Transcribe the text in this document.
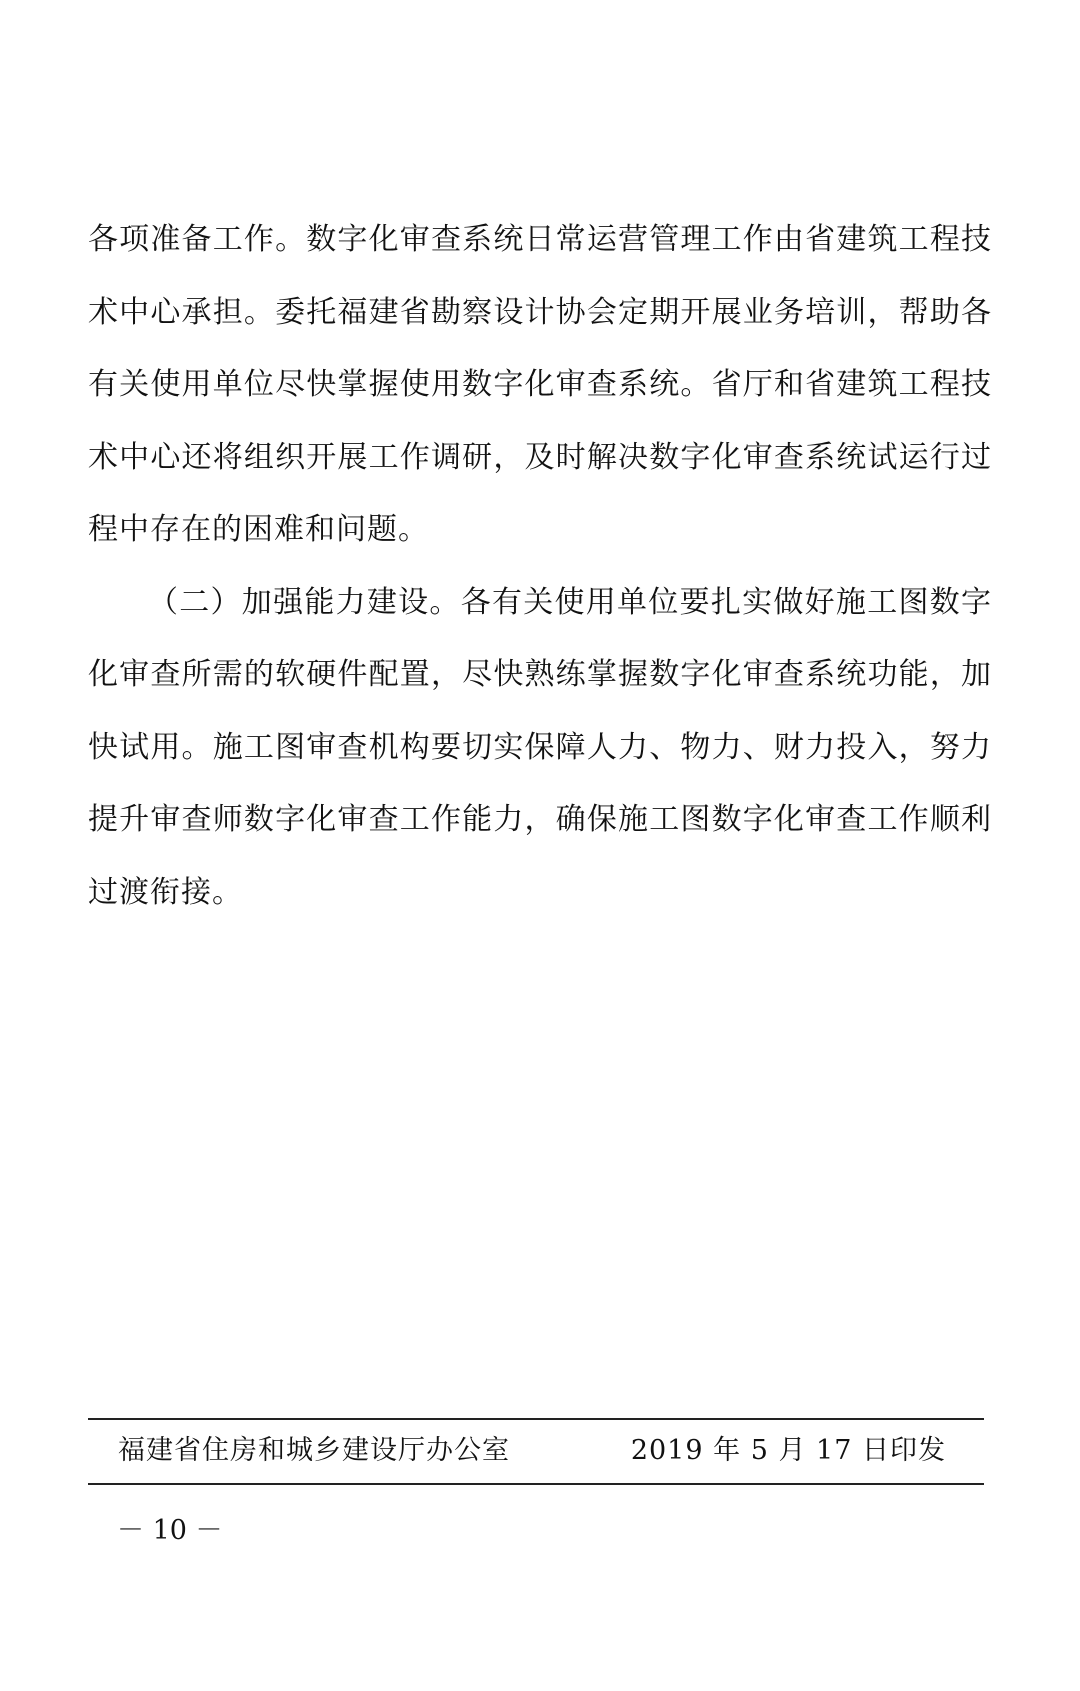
各项准备工作。数字化审查系统日常运营管理工作由省建筑工程技术中心承担。委托福建省勘察设计协会定期开展业务培训，帮助各有关使用单位尽快掌握使用数字化审查系统。省厅和省建筑工程技术中心还将组织开展工作调研，及时解决数字化审查系统试运行过程中存在的困难和问题。

（二）加强能力建设。各有关使用单位要扎实做好施工图数字化审查所需的软硬件配置，尽快熟练掌握数字化审查系统功能，加快试用。施工图审查机构要切实保障人力、物力、财力投入，努力提升审查师数字化审查工作能力，确保施工图数字化审查工作顺利过渡衔接。

福建省住房和城乡建设厅办公室	2019 年 5 月 17 日印发
－ 10 －
